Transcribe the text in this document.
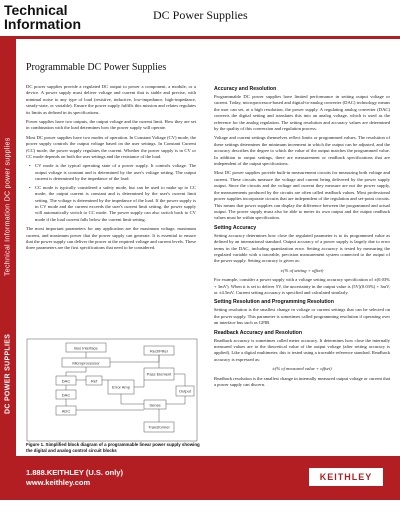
Technical
Information
DC Power Supplies
Technical Information DC power supplies
DC POWER SUPPLIES
Programmable DC Power Supplies

DC power supplies provide a regulated DC output to power a component, a module, or a device. A power supply must deliver voltage and current that is stable and precise, with minimal noise to any type of load (resistive, inductive, low-impedance, high-impedance, steady-state, or variable). Ensure the power supply fulfills this mission and relates regulates its limits as defined in its specifications.

Power supplies have two outputs, the output voltage and the current limit. How they are set in combination with the load determines how the power supply will operate.

Most DC power supplies have two modes of operation. In Constant Voltage (CV) mode, the power supply controls the output voltage based on the user settings. In Constant Current (CC) mode, the power supply regulates the current. Whether the power supply is in CV or CC mode depends on both the user settings and the resistance of the load.

• CV mode is the typical operating state of a power supply. It controls voltage. The output voltage is constant and is determined by the user's voltage setting. The output current is determined by the impedance of the load.
• CC mode is typically considered a safety mode, but can be used to make up to CC mode; the output current is constant and is determined by the user's current limit setting. The voltage is determined by the impedance of the load. If the power supply is in CV mode and the current exceeds the user's current limit setting, the power supply will automatically switch to CC mode. The power supply can also switch back to CV mode if the load current falls below the current limit setting.

The most important parameters for any application are the maximum voltage, maximum current, and maximum power that the power supply can generate. It is essential to ensure that the power supply can deliver the power at the required voltage and current levels. These three parameters are the first specifications that need to be considered.

Bus Interface
Microprocessor
DAC
DAC
ADC
Ref
Error Amp
Pass Element
Sense
Output
Rect/Filter
Transformer
Figure 1. Simplified block diagram of a programmable linear power supply showing the digital and analog control circuit blocks
Accuracy and Resolution

Programmable DC power supplies have limited performance in setting output voltage or current. Today, microprocessor-based and digital-to-analog converter (DAC) technology means the user can set, at a high resolution, the power supply. A regulating analog converter (DAC) converts the digital setting and translates this into an analog voltage, which is used as the reference for the analog regulation. The setting resolution and accuracy values are determined by the quality of this conversion and regulation process.

Voltage and current settings themselves reflect limits or programmed values. The resolution of these settings determines the minimum increment in which the output can be adjusted, and the accuracy describes the degree to which the value of the output matches the programmed value. In addition to output settings, there are measurement or readback specifications that are independent of the output specifications.

Most DC power supplies provide built-in measurement circuits for measuring both voltage and current. These circuits measure the voltage and current being delivered by the power supply output. Since the circuits and the voltage and current they measure are not the power supply, the measurements produced by the circuits are often called readback values. Most professional power supplies incorporate circuits that are independent of the regulation and set-point circuits. This means that power supplies can display the difference between the programmed and actual output. The power supply must also be able to meter its own output and the output readback values must be within specification.

Setting Accuracy

Setting accuracy determines how close the regulated parameter is to its programmed value as defined by an international standard. Output accuracy of a power supply is largely due to error terms in the DAC, including quantization error. Setting accuracy is tested by measuring the regulated variable with a traceable, precision measurement system connected to the output of the power supply. Setting accuracy is given as:

±(% of setting + offset)

For example, consider a power supply with a voltage setting accuracy specification of ±(0.03% + 3mV). When it is set to deliver 5V, the uncertainty in the output value is (5V)(0.03%) + 3mV, or ±4.5mV. Current setting accuracy is specified and calculated similarly.

Setting Resolution and Programming Resolution

Setting resolution is the smallest change in voltage or current settings that can be selected on the power supply. This parameter is sometimes called programming resolution if operating over an interface bus such as GPIB.

Readback Accuracy and Resolution

Readback accuracy is sometimes called meter accuracy. It determines how close the internally measured values are to the theoretical value of the output voltage (after setting accuracy is applied). Like a digital multimeter, this is tested using a traceable reference standard. Readback accuracy is expressed as:

±(% of measured value + offset)

Readback resolution is the smallest change in internally measured output voltage or current that a power supply can discern.

1.888.KEITHLEY (U.S. only)
www.keithley.com
KEITHLEY
